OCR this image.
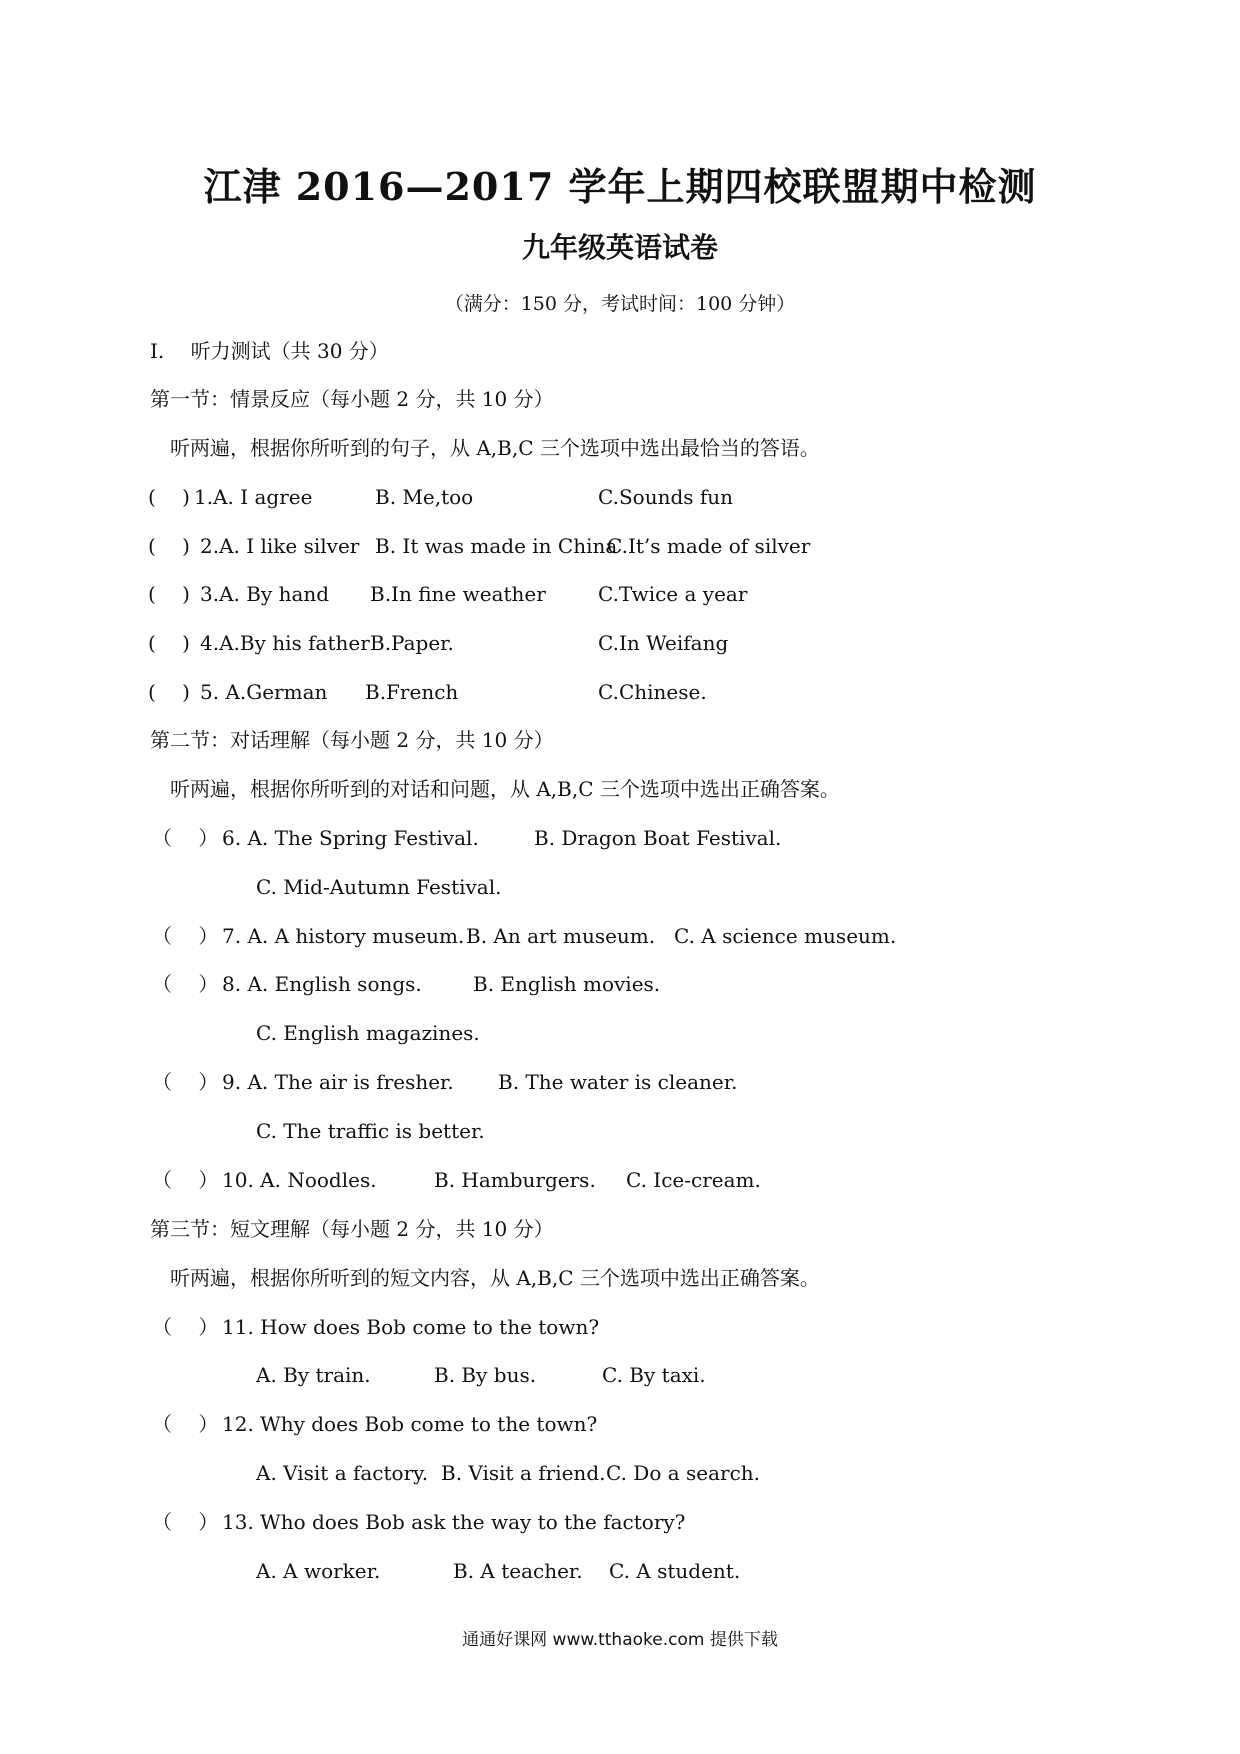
江津 2016—2017 学年上期四校联盟期中检测
九年级英语试卷
（满分：150 分，考试时间：100 分钟）
I.　 听力测试（共 30 分）
第一节：情景反应（每小题 2 分，共 10 分）
听两遍，根据你所听到的句子，从 A,B,C 三个选项中选出最恰当的答语。
(　 ) 1.A. I agree	B. Me,too	C.Sounds fun
(　 ) 2.A. I like silver B. It was made in China
C.It’s made of silver
(　 ) 3.A. By hand B.In fine weather	C.Twice a year
(　 ) 4.A.By his father B.Paper.	C.In Weifang
(　 ) 5. A.German B.French	C.Chinese.
第二节：对话理解（每小题 2 分，共 10 分）
听两遍，根据你所听到的对话和问题，从 A,B,C 三个选项中选出正确答案。
（　 ） 6. A. The Spring Festival.	B. Dragon Boat Festival.
C. Mid-Autumn Festival.
（　 ） 7. A. A history museum. B. An art museum. C. A science museum.
（　 ） 8. A. English songs.	B. English movies.
C. English magazines.
（　 ） 9. A. The air is fresher. B. The water is cleaner.
C. The traffic is better.
（　 ） 10. A. Noodles.	B. Hamburgers. C. Ice-cream.
第三节：短文理解（每小题 2 分，共 10 分）
听两遍，根据你所听到的短文内容，从 A,B,C 三个选项中选出正确答案。
（　 ） 11. How does Bob come to the town?
A. By train.	B. By bus.	C. By taxi.
（　 ） 12. Why does Bob come to the town?
A. Visit a factory. B. Visit a friend. C. Do a search.
（　 ） 13. Who does Bob ask the way to the factory?
A. A worker.	B. A teacher. C. A student.
通通好课网 www.tthaoke.com 提供下载
